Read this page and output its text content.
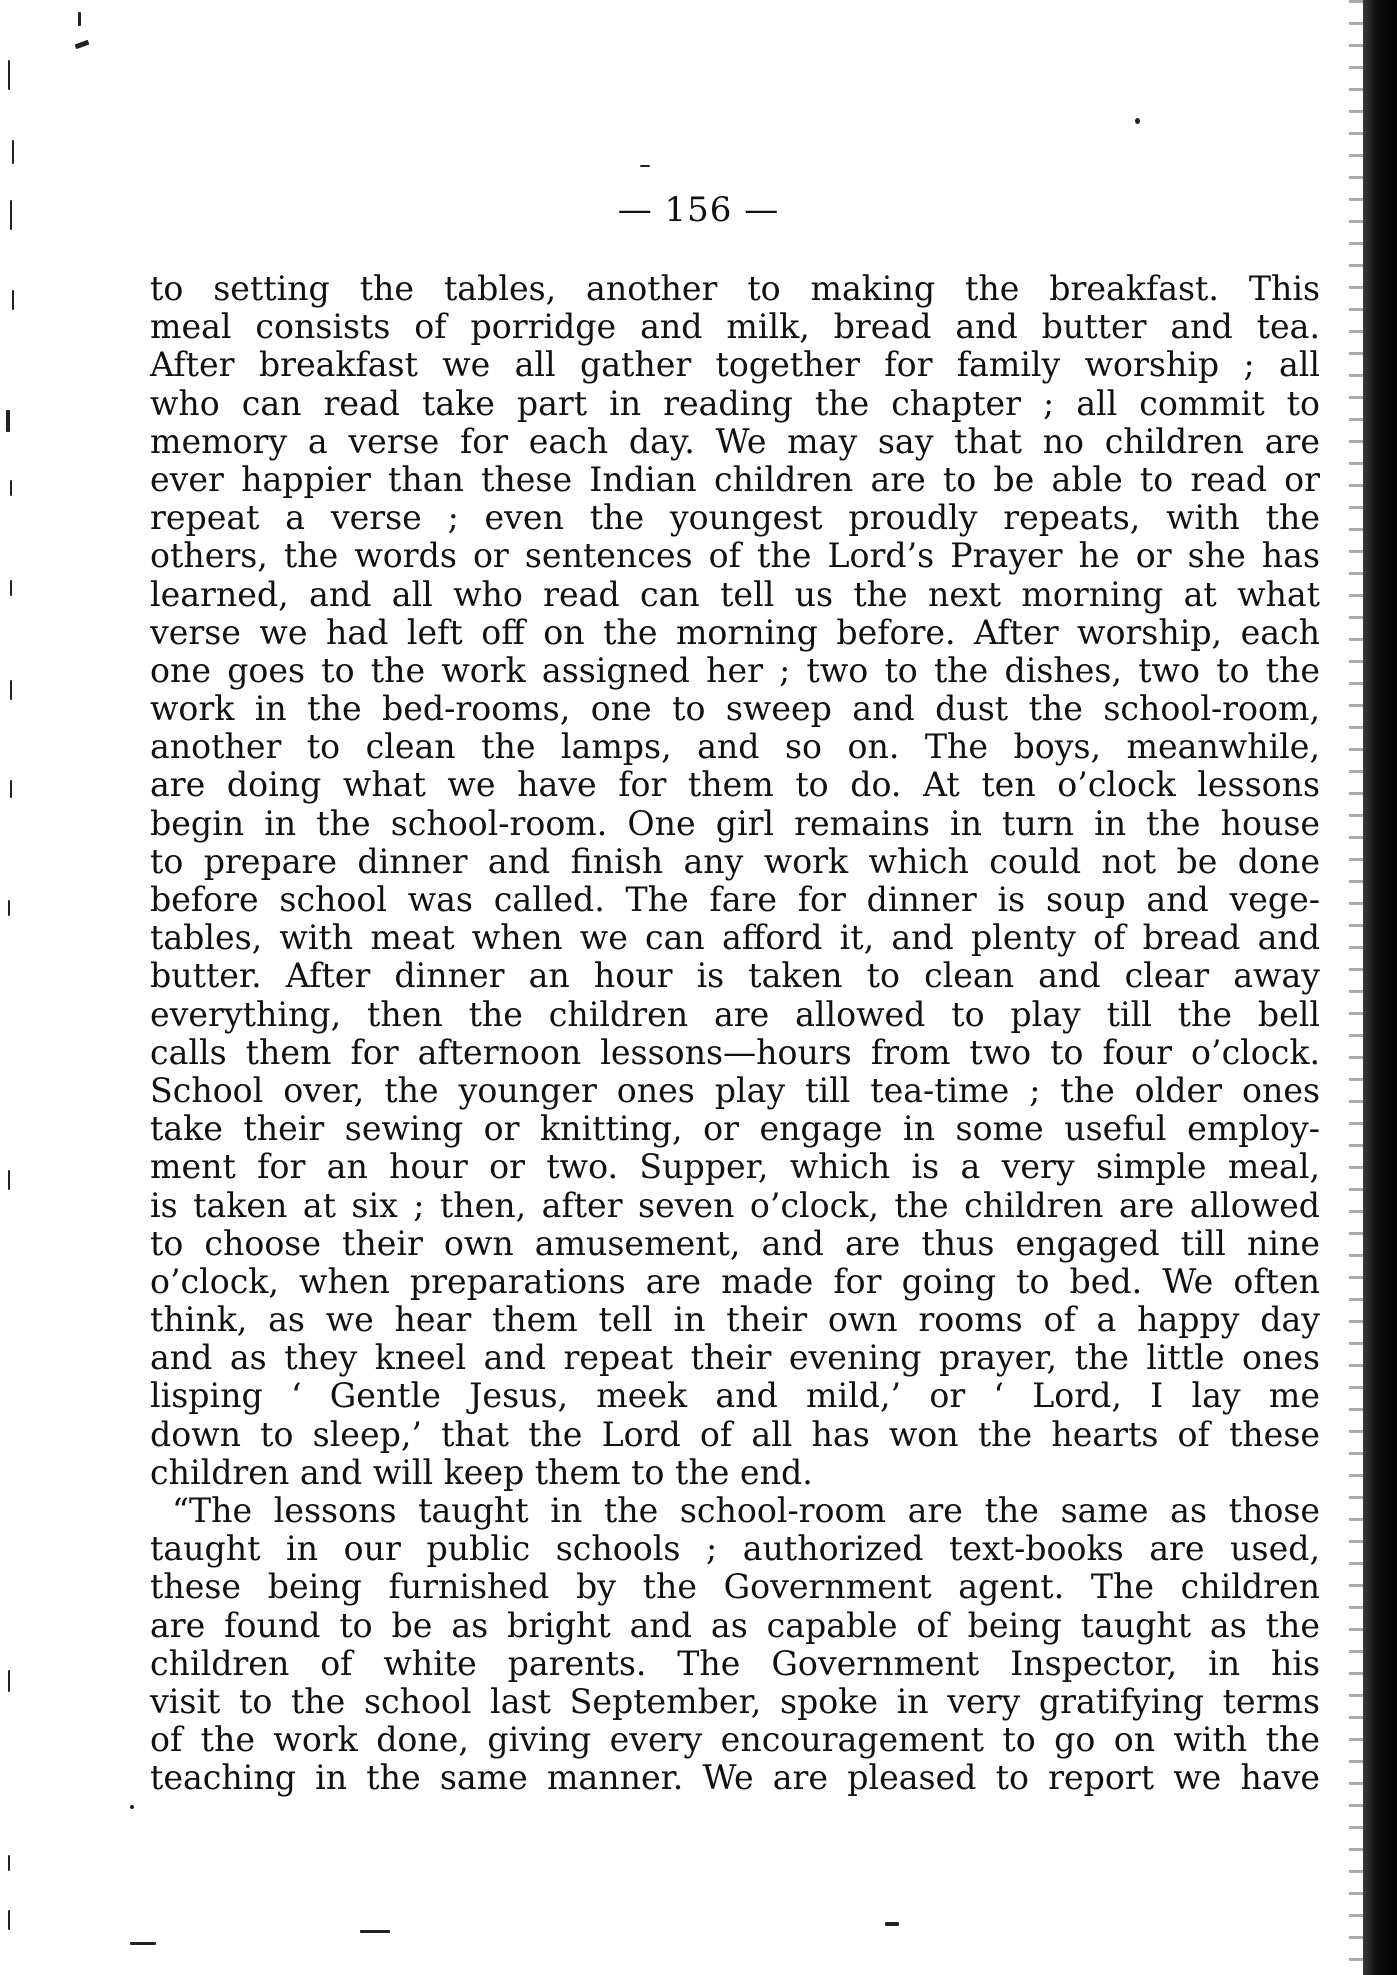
— 156 —
to setting the tables, another to making the breakfast. This
meal consists of porridge and milk, bread and butter and tea.
After breakfast we all gather together for family worship ; all
who can read take part in reading the chapter ; all commit to
memory a verse for each day. We may say that no children are
ever happier than these Indian children are to be able to read or
repeat a verse ; even the youngest proudly repeats, with the
others, the words or sentences of the Lord’s Prayer he or she has
learned, and all who read can tell us the next morning at what
verse we had left off on the morning before. After worship, each
one goes to the work assigned her ; two to the dishes, two to the
work in the bed-rooms, one to sweep and dust the school-room,
another to clean the lamps, and so on. The boys, meanwhile,
are doing what we have for them to do. At ten o’clock lessons
begin in the school-room. One girl remains in turn in the house
to prepare dinner and finish any work which could not be done
before school was called. The fare for dinner is soup and vege-
tables, with meat when we can afford it, and plenty of bread and
butter. After dinner an hour is taken to clean and clear away
everything, then the children are allowed to play till the bell
calls them for afternoon lessons—hours from two to four o’clock.
School over, the younger ones play till tea-time ; the older ones
take their sewing or knitting, or engage in some useful employ-
ment for an hour or two. Supper, which is a very simple meal,
is taken at six ; then, after seven o’clock, the children are allowed
to choose their own amusement, and are thus engaged till nine
o’clock, when preparations are made for going to bed. We often
think, as we hear them tell in their own rooms of a happy day
and as they kneel and repeat their evening prayer, the little ones
lisping ‘ Gentle Jesus, meek and mild,’ or ‘ Lord, I lay me
down to sleep,’ that the Lord of all has won the hearts of these
children and will keep them to the end.
“The lessons taught in the school-room are the same as those
taught in our public schools ; authorized text-books are used,
these being furnished by the Government agent. The children
are found to be as bright and as capable of being taught as the
children of white parents. The Government Inspector, in his
visit to the school last September, spoke in very gratifying terms
of the work done, giving every encouragement to go on with the
teaching in the same manner. We are pleased to report we have
